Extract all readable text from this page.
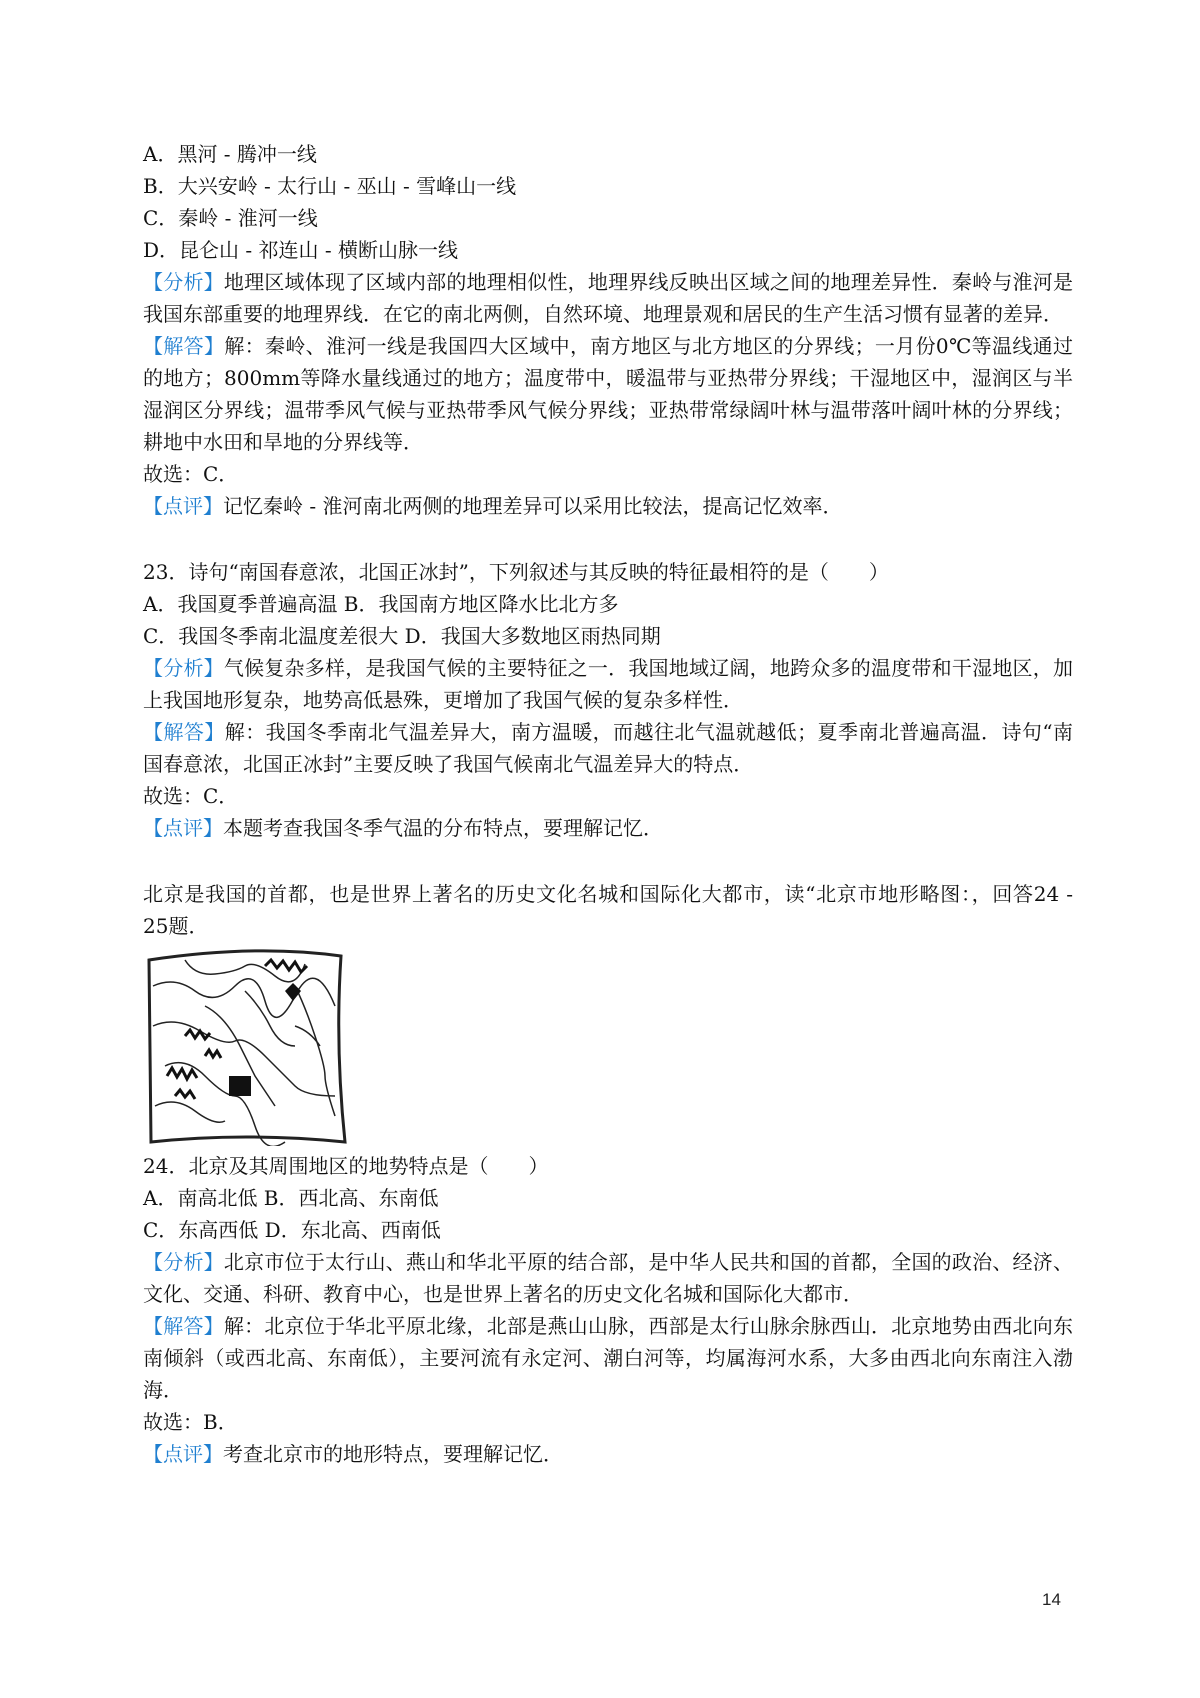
A．黑河 - 腾冲一线

B．大兴安岭 - 太行山 - 巫山 - 雪峰山一线

C．秦岭 - 淮河一线

D．昆仑山 - 祁连山 - 横断山脉一线

【分析】地理区域体现了区域内部的地理相似性，地理界线反映出区域之间的地理差异性．秦岭与淮河是我国东部重要的地理界线．在它的南北两侧，自然环境、地理景观和居民的生产生活习惯有显著的差异．

【解答】解：秦岭、淮河一线是我国四大区域中，南方地区与北方地区的分界线；一月份0℃等温线通过的地方；800mm等降水量线通过的地方；温度带中，暖温带与亚热带分界线；干湿地区中，湿润区与半湿润区分界线；温带季风气候与亚热带季风气候分界线；亚热带常绿阔叶林与温带落叶阔叶林的分界线；耕地中水田和旱地的分界线等．

故选：C．

【点评】记忆秦岭 - 淮河南北两侧的地理差异可以采用比较法，提高记忆效率．

23．诗句“南国春意浓，北国正冰封”，下列叙述与其反映的特征最相符的是（　　）

A．我国夏季普遍高温 B．我国南方地区降水比北方多

C．我国冬季南北温度差很大 D．我国大多数地区雨热同期

【分析】气候复杂多样，是我国气候的主要特征之一．我国地域辽阔，地跨众多的温度带和干湿地区，加上我国地形复杂，地势高低悬殊，更增加了我国气候的复杂多样性．

【解答】解：我国冬季南北气温差异大，南方温暖，而越往北气温就越低；夏季南北普遍高温．诗句“南国春意浓，北国正冰封”主要反映了我国气候南北气温差异大的特点．

故选：C．

【点评】本题考查我国冬季气温的分布特点，要理解记忆．

北京是我国的首都，也是世界上著名的历史文化名城和国际化大都市，读“北京市地形略图：，回答24 - 25题．

24．北京及其周围地区的地势特点是（　　）

A．南高北低 B．西北高、东南低

C．东高西低 D．东北高、西南低

【分析】北京市位于太行山、燕山和华北平原的结合部，是中华人民共和国的首都，全国的政治、经济、文化、交通、科研、教育中心，也是世界上著名的历史文化名城和国际化大都市．

【解答】解：北京位于华北平原北缘，北部是燕山山脉，西部是太行山脉余脉西山．北京地势由西北向东南倾斜（或西北高、东南低），主要河流有永定河、潮白河等，均属海河水系，大多由西北向东南注入渤海．

故选：B．

【点评】考查北京市的地形特点，要理解记忆．

14
